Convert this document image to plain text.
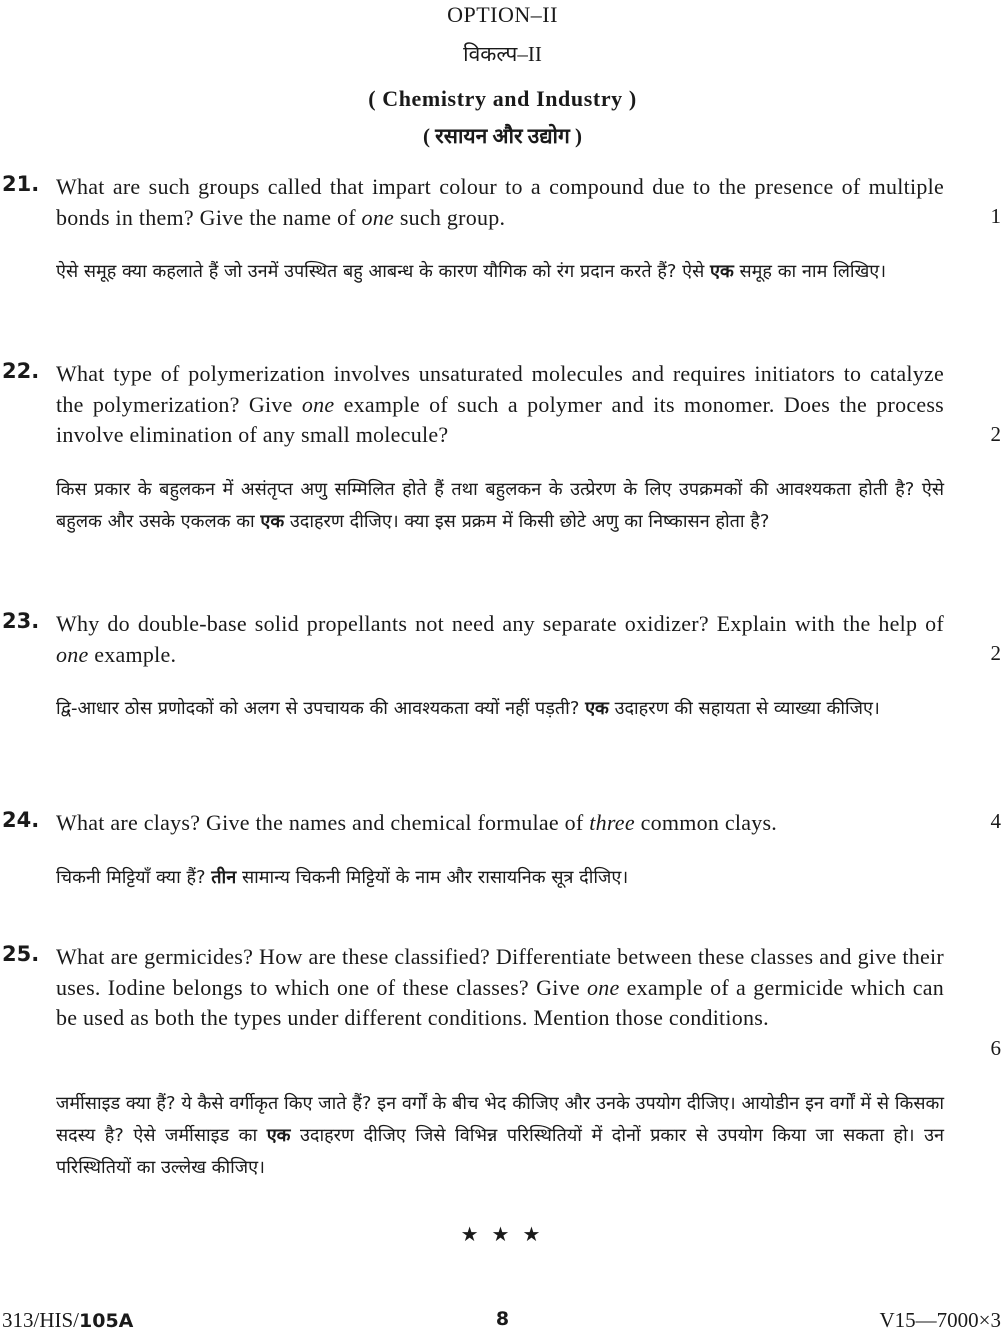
OPTION–II
विकल्प–II
( Chemistry and Industry )
( रसायन और उद्योग )
21. What are such groups called that impart colour to a compound due to the presence of multiple bonds in them? Give the name of one such group.	1
ऐसे समूह क्या कहलाते हैं जो उनमें उपस्थित बहु आबन्ध के कारण यौगिक को रंग प्रदान करते हैं? ऐसे एक समूह का नाम लिखिए।
22. What type of polymerization involves unsaturated molecules and requires initiators to catalyze the polymerization? Give one example of such a polymer and its monomer. Does the process involve elimination of any small molecule?	2
किस प्रकार के बहुलकन में असंतृप्त अणु सम्मिलित होते हैं तथा बहुलकन के उत्प्रेरण के लिए उपक्रमकों की आवश्यकता होती है? ऐसे बहुलक और उसके एकलक का एक उदाहरण दीजिए। क्या इस प्रक्रम में किसी छोटे अणु का निष्कासन होता है?
23. Why do double-base solid propellants not need any separate oxidizer? Explain with the help of one example.	2
द्वि-आधार ठोस प्रणोदकों को अलग से उपचायक की आवश्यकता क्यों नहीं पड़ती? एक उदाहरण की सहायता से व्याख्या कीजिए।
24. What are clays? Give the names and chemical formulae of three common clays.	4
चिकनी मिट्टियाँ क्या हैं? तीन सामान्य चिकनी मिट्टियों के नाम और रासायनिक सूत्र दीजिए।
25. What are germicides? How are these classified? Differentiate between these classes and give their uses. Iodine belongs to which one of these classes? Give one example of a germicide which can be used as both the types under different conditions. Mention those conditions.
6
जर्मीसाइड क्या हैं? ये कैसे वर्गीकृत किए जाते हैं? इन वर्गों के बीच भेद कीजिए और उनके उपयोग दीजिए। आयोडीन इन वर्गों में से किसका सदस्य है? ऐसे जर्मीसाइड का एक उदाहरण दीजिए जिसे विभिन्न परिस्थितियों में दोनों प्रकार से उपयोग किया जा सकता हो। उन परिस्थितियों का उल्लेख कीजिए।
★ ★ ★
313/HIS/105A	8	V15—7000×3
